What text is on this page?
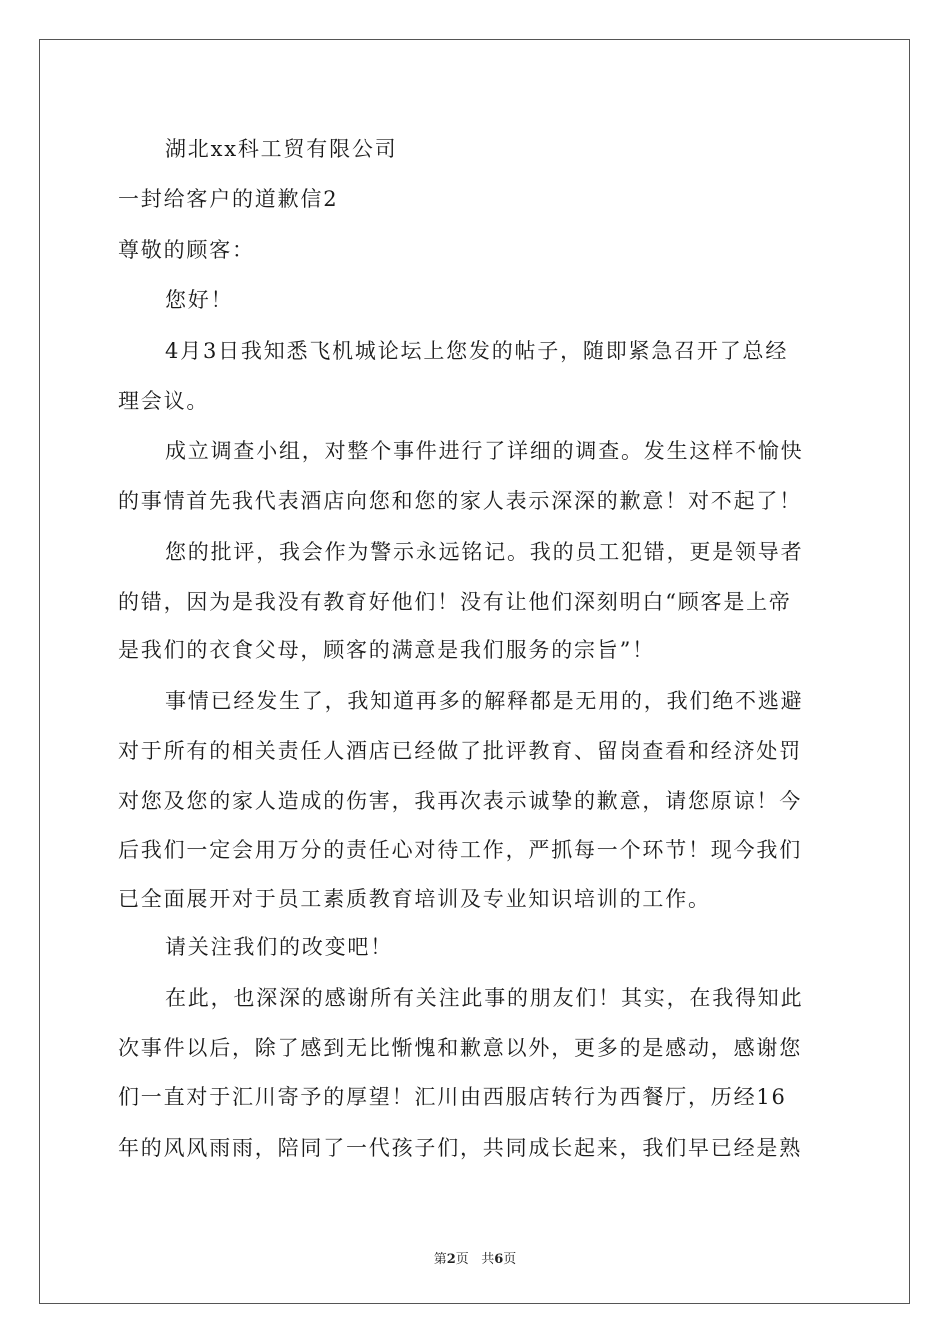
湖北xx科工贸有限公司
一封给客户的道歉信2
尊敬的顾客：
您好！
4月3日我知悉飞机城论坛上您发的帖子，随即紧急召开了总经
理会议。
成立调查小组，对整个事件进行了详细的调查。发生这样不愉快
的事情首先我代表酒店向您和您的家人表示深深的歉意！对不起了！
您的批评，我会作为警示永远铭记。我的员工犯错，更是领导者
的错，因为是我没有教育好他们！没有让他们深刻明白“顾客是上帝
是我们的衣食父母，顾客的满意是我们服务的宗旨”！
事情已经发生了，我知道再多的解释都是无用的，我们绝不逃避
对于所有的相关责任人酒店已经做了批评教育、留岗查看和经济处罚
对您及您的家人造成的伤害，我再次表示诚挚的歉意，请您原谅！今
后我们一定会用万分的责任心对待工作，严抓每一个环节！现今我们
已全面展开对于员工素质教育培训及专业知识培训的工作。
请关注我们的改变吧！
在此，也深深的感谢所有关注此事的朋友们！其实，在我得知此
次事件以后，除了感到无比惭愧和歉意以外，更多的是感动，感谢您
们一直对于汇川寄予的厚望！汇川由西服店转行为西餐厅，历经16
年的风风雨雨，陪同了一代孩子们，共同成长起来，我们早已经是熟
第2页   共6页
